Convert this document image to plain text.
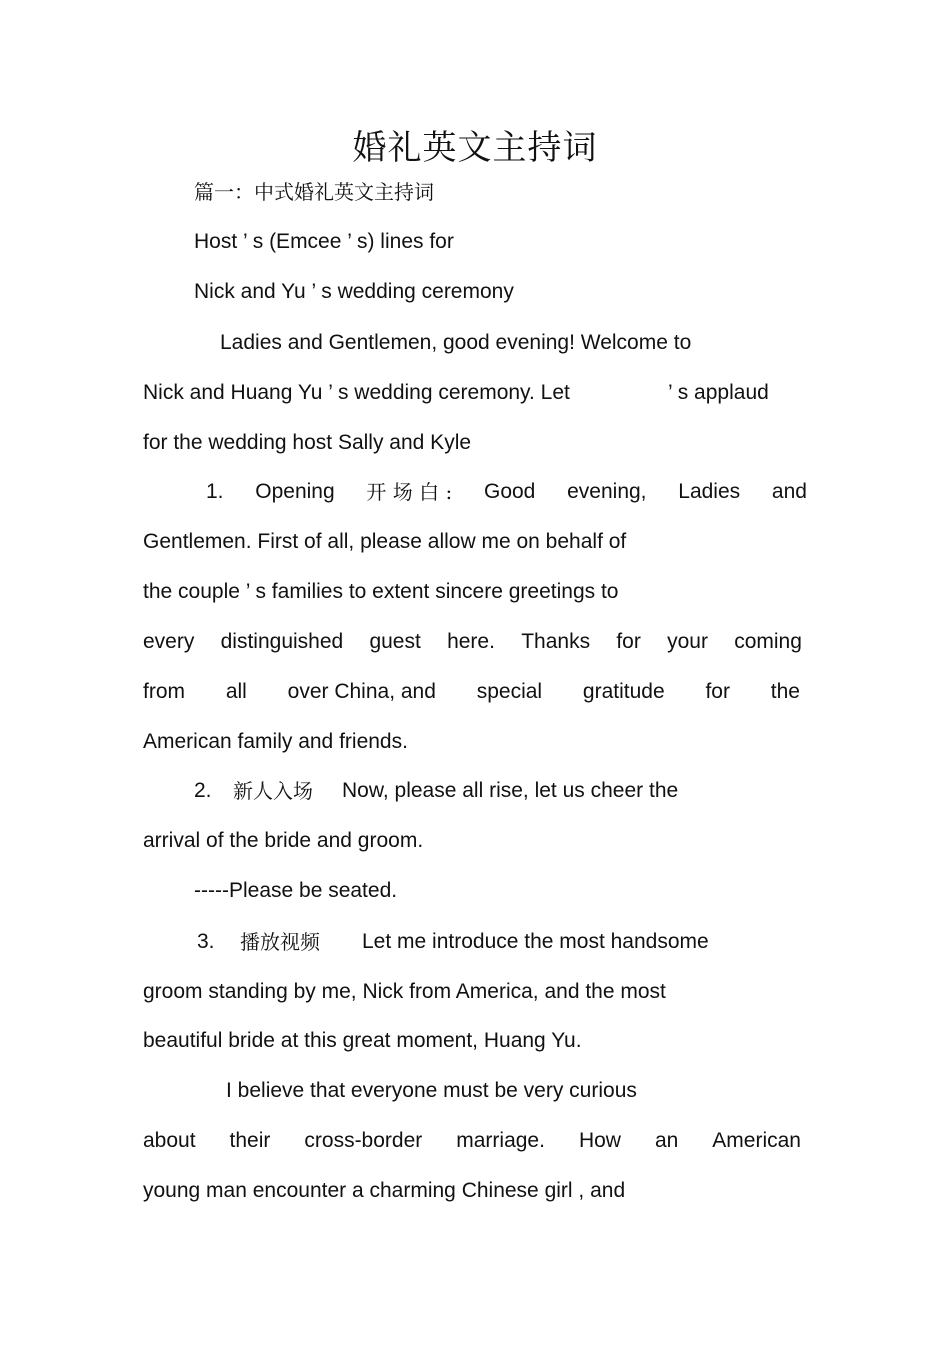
婚礼英文主持词
篇一：中式婚礼英文主持词
Host ’ s (Emcee ’ s) lines for
Nick and Yu ’ s wedding ceremony
Ladies and Gentlemen, good evening! Welcome to
Nick and Huang Yu ’ s wedding ceremony. Let	’ s applaud
for the wedding host Sally and Kyle
1. Opening 开 场 白 : Good evening, Ladies and
Gentlemen. First of all, please allow me on behalf of
the couple ’ s families to extent sincere greetings to
every distinguished guest here. Thanks for your coming
from all over China, and special gratitude for the
American family and friends.
2. 新人入场 Now, please all rise, let us cheer the
arrival of the bride and groom.
-----Please be seated.
3. 播放视频 Let me introduce the most handsome
groom standing by me, Nick from America, and the most
beautiful bride at this great moment, Huang Yu.
I believe that everyone must be very curious
about their cross-border marriage. How an American
young man encounter a charming Chinese girl , and
